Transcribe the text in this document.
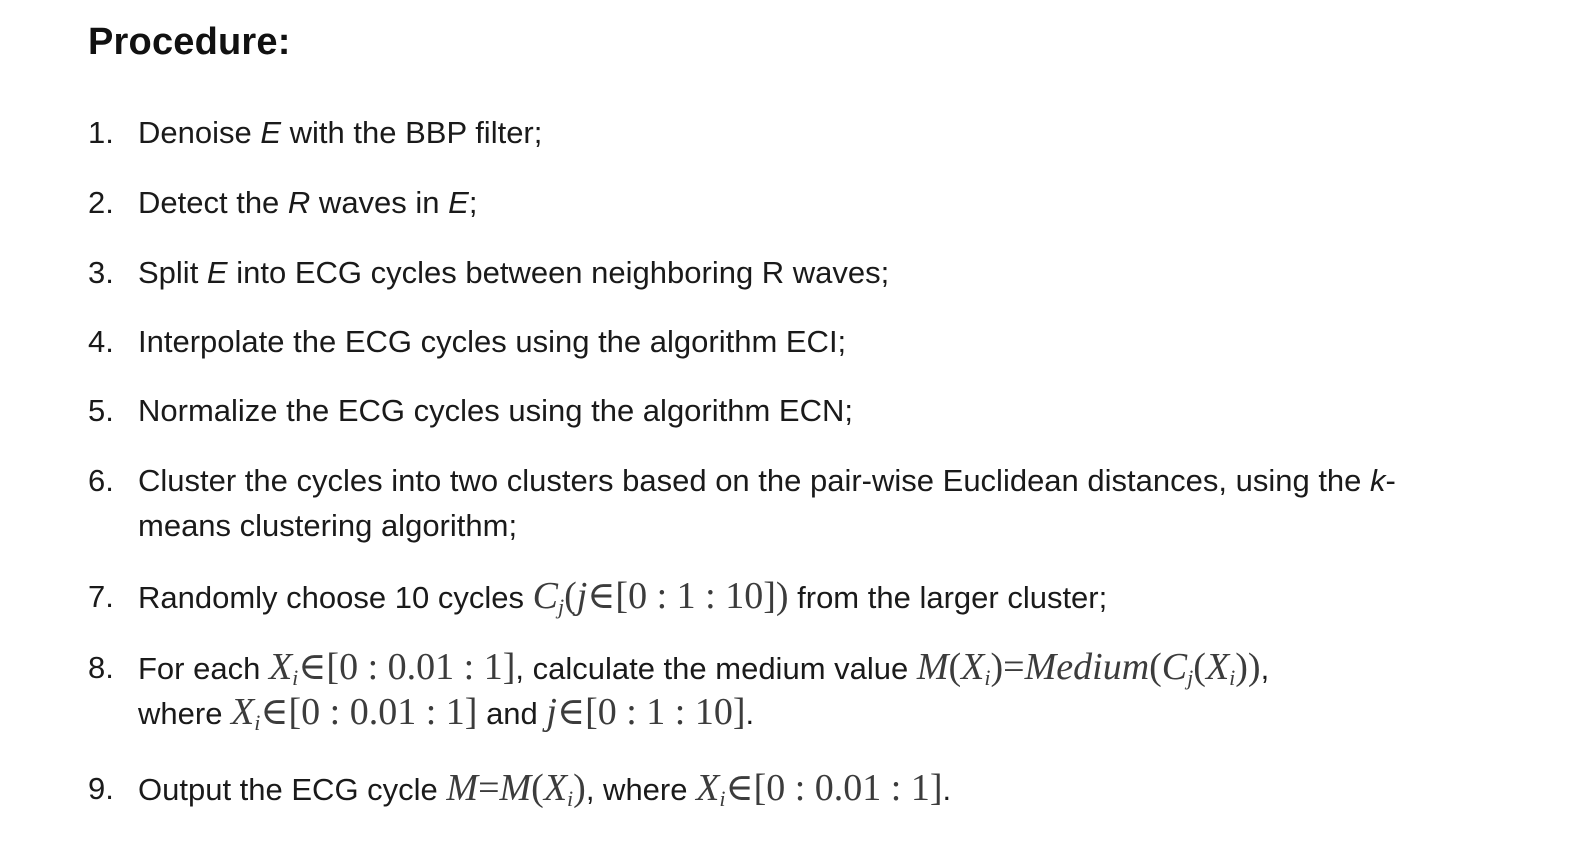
Procedure:
1. Denoise E with the BBP filter;
2. Detect the R waves in E;
3. Split E into ECG cycles between neighboring R waves;
4. Interpolate the ECG cycles using the algorithm ECI;
5. Normalize the ECG cycles using the algorithm ECN;
6. Cluster the cycles into two clusters based on the pair-wise Euclidean distances, using the k-
means clustering algorithm;
7. Randomly choose 10 cycles $C_j(j\in[0$ : 1 : 10]) from the larger cluster;
8. For each $X_i\in[0$ : 0.01 : 1], calculate the medium value $M(X_i)=Medium(C_j(X_i))$,
where $X_i\in[0$ : 0.01 : 1] and j∈[0 : 1 : 10].
9. Output the ECG cycle $M=M(X_i)$, where $X_i\in[0$ : 0.01 : 1].
